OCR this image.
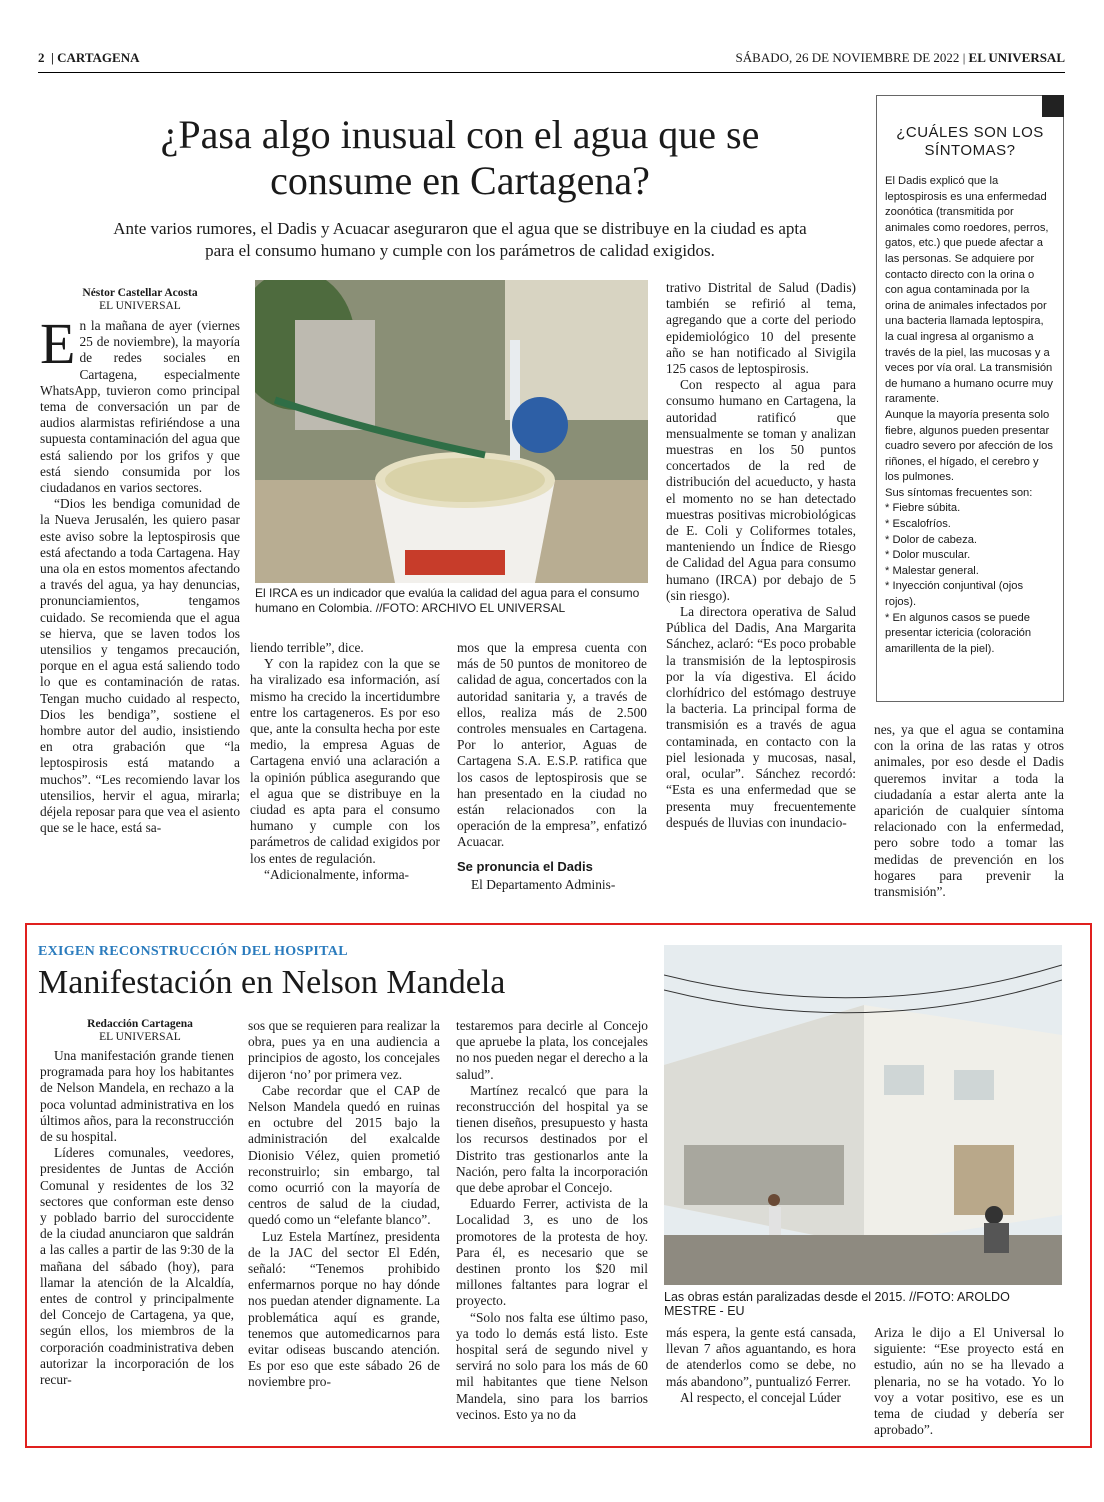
2  | CARTAGENA	SÁBADO, 26 DE NOVIEMBRE DE 2022 | EL UNIVERSAL
¿Pasa algo inusual con el agua que se consume en Cartagena?
Ante varios rumores, el Dadis y Acuacar aseguraron que el agua que se distribuye en la ciudad es apta para el consumo humano y cumple con los parámetros de calidad exigidos.
Néstor Castellar Acosta
EL UNIVERSAL

En la mañana de ayer (viernes 25 de noviembre), la mayoría de redes sociales en Cartagena, especialmente WhatsApp, tuvieron como principal tema de conversación un par de audios alarmistas refiriéndose a una supuesta contaminación del agua que está saliendo por los grifos y que está siendo consumida por los ciudadanos en varios sectores.

“Dios les bendiga comunidad de la Nueva Jerusalén, les quiero pasar este aviso sobre la leptospirosis que está afectando a toda Cartagena. Hay una ola en estos momentos afectando a través del agua, ya hay denuncias, pronunciamientos, tengamos cuidado. Se recomienda que el agua se hierva, que se laven todos los utensilios y tengamos precaución, porque en el agua está saliendo todo lo que es contaminación de ratas. Tengan mucho cuidado al respecto, Dios les bendiga”, sostiene el hombre autor del audio, insistiendo en otra grabación que “la leptospirosis está matando a muchos”. “Les recomiendo lavar los utensilios, hervir el agua, mirarla; déjela reposar para que vea el asiento que se le hace, está sa-

El IRCA es un indicador que evalúa la calidad del agua para el consumo humano en Colombia. //FOTO: ARCHIVO EL UNIVERSAL

liendo terrible”, dice.

Y con la rapidez con la que se ha viralizado esa información, así mismo ha crecido la incertidumbre entre los cartageneros. Es por eso que, ante la consulta hecha por este medio, la empresa Aguas de Cartagena envió una aclaración a la opinión pública asegurando que el agua que se distribuye en la ciudad es apta para el consumo humano y cumple con los parámetros de calidad exigidos por los entes de regulación.

“Adicionalmente, informa-

mos que la empresa cuenta con más de 50 puntos de monitoreo de calidad de agua, concertados con la autoridad sanitaria y, a través de ellos, realiza más de 2.500 controles mensuales en Cartagena. Por lo anterior, Aguas de Cartagena S.A. E.S.P. ratifica que los casos de leptospirosis que se han presentado en la ciudad no están relacionados con la operación de la empresa”, enfatizó Acuacar.

Se pronuncia el Dadis

El Departamento Adminis-

trativo Distrital de Salud (Dadis) también se refirió al tema, agregando que a corte del periodo epidemiológico 10 del presente año se han notificado al Sivigila 125 casos de leptospirosis.

Con respecto al agua para consumo humano en Cartagena, la autoridad ratificó que mensualmente se toman y analizan muestras en los 50 puntos concertados de la red de distribución del acueducto, y hasta el momento no se han detectado muestras positivas microbiológicas de E. Coli y Coliformes totales, manteniendo un Índice de Riesgo de Calidad del Agua para consumo humano (IRCA) por debajo de 5 (sin riesgo).

La directora operativa de Salud Pública del Dadis, Ana Margarita Sánchez, aclaró: “Es poco probable la transmisión de la leptospirosis por la vía digestiva. El ácido clorhídrico del estómago destruye la bacteria. La principal forma de transmisión es a través de agua contaminada, en contacto con la piel lesionada y mucosas, nasal, oral, ocular”. Sánchez recordó: “Esta es una enfermedad que se presenta muy frecuentemente después de lluvias con inundacio-

¿CUÁLES SON LOS SÍNTOMAS?
El Dadis explicó que la leptospirosis es una enfermedad zoonótica (transmitida por animales como roedores, perros, gatos, etc.) que puede afectar a las personas. Se adquiere por contacto directo con la orina o con agua contaminada por la orina de animales infectados por una bacteria llamada leptospira, la cual ingresa al organismo a través de la piel, las mucosas y a veces por vía oral. La transmisión de humano a humano ocurre muy raramente.
Aunque la mayoría presenta solo fiebre, algunos pueden presentar cuadro severo por afección de los riñones, el hígado, el cerebro y los pulmones.
Sus síntomas frecuentes son:
* Fiebre súbita.
* Escalofríos.
* Dolor de cabeza.
* Dolor muscular.
* Malestar general.
* Inyección conjuntival (ojos rojos).
* En algunos casos se puede presentar ictericia (coloración amarillenta de la piel).

nes, ya que el agua se contamina con la orina de las ratas y otros animales, por eso desde el Dadis queremos invitar a toda la ciudadanía a estar alerta ante la aparición de cualquier síntoma relacionado con la enfermedad, pero sobre todo a tomar las medidas de prevención en los hogares para prevenir la transmisión”.

EXIGEN RECONSTRUCCIÓN DEL HOSPITAL
Manifestación en Nelson Mandela
Redacción Cartagena
EL UNIVERSAL

Una manifestación grande tienen programada para hoy los habitantes de Nelson Mandela, en rechazo a la poca voluntad administrativa en los últimos años, para la reconstrucción de su hospital.

Líderes comunales, veedores, presidentes de Juntas de Acción Comunal y residentes de los 32 sectores que conforman este denso y poblado barrio del suroccidente de la ciudad anunciaron que saldrán a las calles a partir de las 9:30 de la mañana del sábado (hoy), para llamar la atención de la Alcaldía, entes de control y principalmente del Concejo de Cartagena, ya que, según ellos, los miembros de la corporación coadministrativa deben autorizar la incorporación de los recur-

sos que se requieren para realizar la obra, pues ya en una audiencia a principios de agosto, los concejales dijeron ‘no’ por primera vez.

Cabe recordar que el CAP de Nelson Mandela quedó en ruinas en octubre del 2015 bajo la administración del exalcalde Dionisio Vélez, quien prometió reconstruirlo; sin embargo, tal como ocurrió con la mayoría de centros de salud de la ciudad, quedó como un “elefante blanco”.

Luz Estela Martínez, presidenta de la JAC del sector El Edén, señaló: “Tenemos prohibido enfermarnos porque no hay dónde nos puedan atender dignamente. La problemática aquí es grande, tenemos que automedicarnos para evitar odiseas buscando atención. Es por eso que este sábado 26 de noviembre pro-

testaremos para decirle al Concejo que apruebe la plata, los concejales no nos pueden negar el derecho a la salud”.

Martínez recalcó que para la reconstrucción del hospital ya se tienen diseños, presupuesto y hasta los recursos destinados por el Distrito tras gestionarlos ante la Nación, pero falta la incorporación que debe aprobar el Concejo.

Eduardo Ferrer, activista de la Localidad 3, es uno de los promotores de la protesta de hoy. Para él, es necesario que se destinen pronto los $20 mil millones faltantes para lograr el proyecto.

“Solo nos falta ese último paso, ya todo lo demás está listo. Este hospital será de segundo nivel y servirá no solo para los más de 60 mil habitantes que tiene Nelson Mandela, sino para los barrios vecinos. Esto ya no da

Las obras están paralizadas desde el 2015. //FOTO: AROLDO MESTRE - EU

más espera, la gente está cansada, llevan 7 años aguantando, es hora de atenderlos como se debe, no más abandono”, puntualizó Ferrer.

Al respecto, el concejal Lúder

Ariza le dijo a El Universal lo siguiente: “Ese proyecto está en estudio, aún no se ha llevado a plenaria, no se ha votado. Yo lo voy a votar positivo, ese es un tema de ciudad y debería ser aprobado”.
